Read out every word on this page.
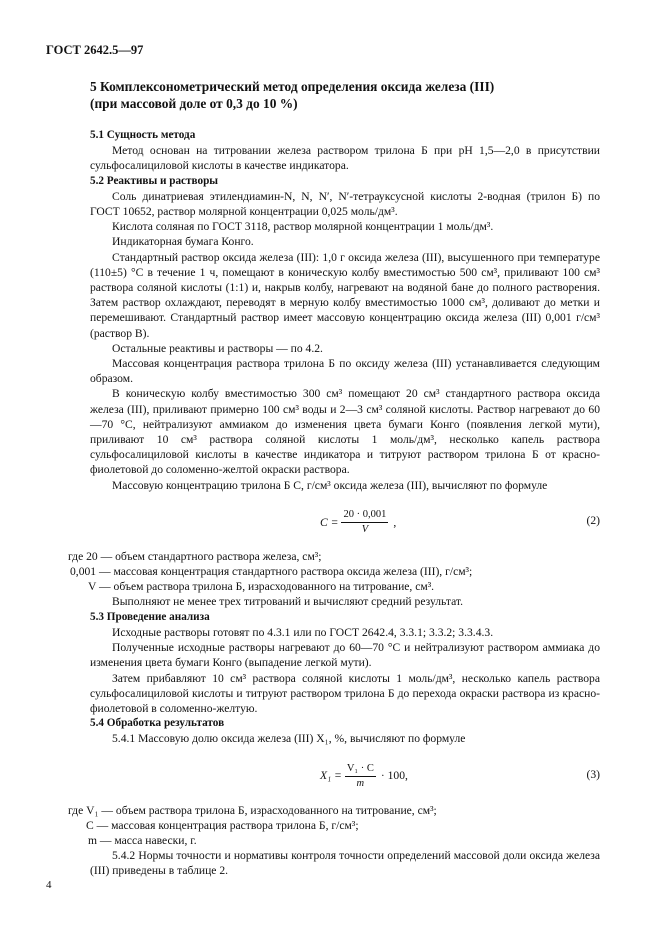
ГОСТ 2642.5—97
5 Комплексонометрический метод определения оксида железа (III)
(при массовой доле от 0,3 до 10 %)

5.1 Сущность метода

Метод основан на титровании железа раствором трилона Б при pH 1,5—2,0 в присутствии сульфосалициловой кислоты в качестве индикатора.

5.2 Реактивы и растворы

Соль динатриевая этилендиамин-N, N, N′, N′-тетрауксусной кислоты 2-водная (трилон Б) по ГОСТ 10652, раствор молярной концентрации 0,025 моль/дм³.

Кислота соляная по ГОСТ 3118, раствор молярной концентрации 1 моль/дм³.

Индикаторная бумага Конго.

Стандартный раствор оксида железа (III): 1,0 г оксида железа (III), высушенного при температуре (110±5) °С в течение 1 ч, помещают в коническую колбу вместимостью 500 см³, приливают 100 см³ раствора соляной кислоты (1:1) и, накрыв колбу, нагревают на водяной бане до полного растворения. Затем раствор охлаждают, переводят в мерную колбу вместимостью 1000 см³, доливают до метки и перемешивают. Стандартный раствор имеет массовую концентрацию оксида железа (III) 0,001 г/см³ (раствор В).

Остальные реактивы и растворы — по 4.2.

Массовая концентрация раствора трилона Б по оксиду железа (III) устанавливается следующим образом.

В коническую колбу вместимостью 300 см³ помещают 20 см³ стандартного раствора оксида железа (III), приливают примерно 100 см³ воды и 2—3 см³ соляной кислоты. Раствор нагревают до 60—70 °С, нейтрализуют аммиаком до изменения цвета бумаги Конго (появления легкой мути), приливают 10 см³ раствора соляной кислоты 1 моль/дм³, несколько капель раствора сульфосалициловой кислоты в качестве индикатора и титруют раствором трилона Б от красно-фиолетовой до соломенно-желтой окраски раствора.

Массовую концентрацию трилона Б С, г/см³ оксида железа (III), вычисляют по формуле

$C = \frac{20 \cdot 0,001}{V}$ ,	(2)
где 20 — объем стандартного раствора железа, см³;
0,001 — массовая концентрация стандартного раствора оксида железа (III), г/см³;
V — объем раствора трилона Б, израсходованного на титрование, см³.

Выполняют не менее трех титрований и вычисляют средний результат.

5.3 Проведение анализа

Исходные растворы готовят по 4.3.1 или по ГОСТ 2642.4, 3.3.1; 3.3.2; 3.3.4.3.

Полученные исходные растворы нагревают до 60—70 °С и нейтрализуют раствором аммиака до изменения цвета бумаги Конго (выпадение легкой мути).

Затем прибавляют 10 см³ раствора соляной кислоты 1 моль/дм³, несколько капель раствора сульфосалициловой кислоты и титруют раствором трилона Б до перехода окраски раствора из красно-фиолетовой в соломенно-желтую.

5.4 Обработка результатов

5.4.1 Массовую долю оксида железа (III) X₁, %, вычисляют по формуле

$X_1 = \frac{\text{V₁ · C}}{m} \cdot 100$,	(3)
где V₁ — объем раствора трилона Б, израсходованного на титрование, см³;
C — массовая концентрация раствора трилона Б, г/см³;
m — масса навески, г.

5.4.2 Нормы точности и нормативы контроля точности определений массовой доли оксида железа (III) приведены в таблице 2.

4
